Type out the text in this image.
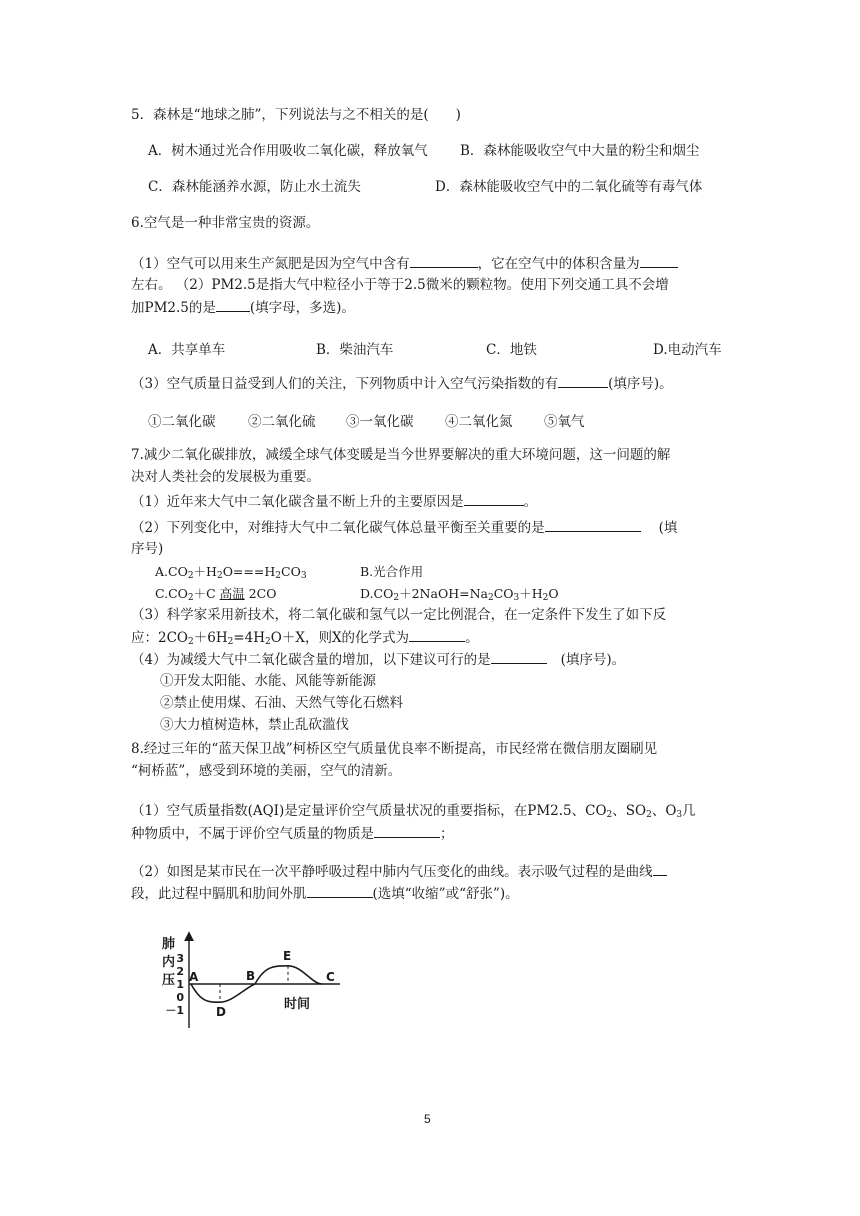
5．森林是“地球之肺”，下列说法与之不相关的是(　　)
A．树木通过光合作用吸收二氧化碳，释放氧气 B．森林能吸收空气中大量的粉尘和烟尘
C．森林能涵养水源，防止水土流失	D．森林能吸收空气中的二氧化硫等有毒气体
6.空气是一种非常宝贵的资源。
（1）空气可以用来生产氮肥是因为空气中含有	，它在空气中的体积含量为
左右。 （2）PM2.5是指大气中粒径小于等于2.5微米的颗粒物。使用下列交通工具不会增
加PM2.5的是	(填字母，多选)。
A．共享单车	B．柴油汽车	C．地铁	D.电动汽车
（3）空气质量日益受到人们的关注，下列物质中计入空气污染指数的有	(填序号)。
①二氧化碳 ②二氧化硫 ③一氧化碳 ④二氧化氮 ⑤氧气
7.减少二氧化碳排放，减缓全球气体变暖是当今世界要解决的重大环境问题，这一问题的解
决对人类社会的发展极为重要。
（1）近年来大气中二氧化碳含量不断上升的主要原因是	。
（2）下列变化中，对维持大气中二氧化碳气体总量平衡至关重要的是	(填
序号)
$A.CO_2+H_2O===H_2CO_3$	B.光合作用
$C.CO_2+C$ 高温 2CO	$D.CO_2+2NaOH=Na_2CO_3+H_2O$
（3）科学家采用新技术，将二氧化碳和氢气以一定比例混合，在一定条件下发生了如下反
应：$2CO_2+6H_2=4H_2O+X$，则X的化学式为	。
（4）为减缓大气中二氧化碳含量的增加，以下建议可行的是	(填序号)。
①开发太阳能、水能、风能等新能源
②禁止使用煤、石油、天然气等化石燃料
③大力植树造林，禁止乱砍滥伐
8.经过三年的“蓝天保卫战”柯桥区空气质量优良率不断提高，市民经常在微信朋友圈刷见
“柯桥蓝”，感受到环境的美丽，空气的清新。
（1）空气质量指数(AQI)是定量评价空气质量状况的重要指标，在PM2.5、$CO_2$、$SO_2$、$O_3$几
种物质中，不属于评价空气质量的物质是	；
（2）如图是某市民在一次平静呼吸过程中肺内气压变化的曲线。表示吸气过程的是曲线
段，此过程中膈肌和肋间外肌	(选填“收缩”或“舒张”)。
3
2
1
0
－1
A
D
B
E
C
时间
肺
内
压
5
